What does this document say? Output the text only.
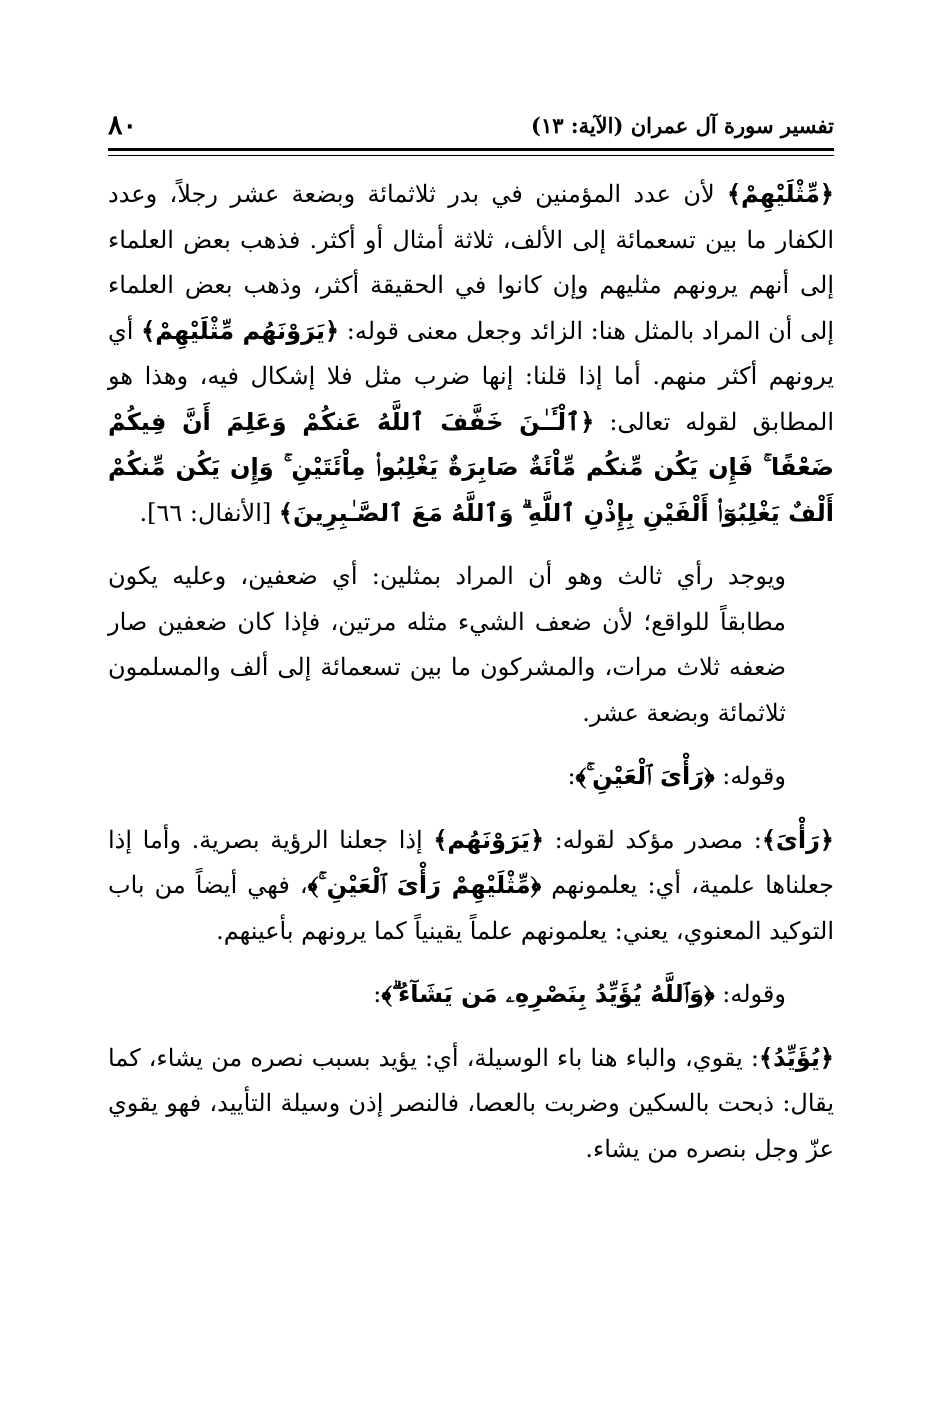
تفسير سورة آل عمران (الآية: ١٣)
٨٠

﴿مِّثْلَيْهِمْ﴾ لأن عدد المؤمنين في بدر ثلاثمائة وبضعة عشر رجلاً، وعدد الكفار ما بين تسعمائة إلى الألف، ثلاثة أمثال أو أكثر. فذهب بعض العلماء إلى أنهم يرونهم مثليهم وإن كانوا في الحقيقة أكثر، وذهب بعض العلماء إلى أن المراد بالمثل هنا: الزائد وجعل معنى قوله: ﴿يَرَوْنَهُم مِّثْلَيْهِمْ﴾ أي يرونهم أكثر منهم. أما إذا قلنا: إنها ضرب مثل فلا إشكال فيه، وهذا هو المطابق لقوله تعالى: ﴿ٱلْـَٔـٰنَ خَفَّفَ ٱللَّهُ عَنكُمْ وَعَلِمَ أَنَّ فِيكُمْ ضَعْفًا ۚ فَإِن يَكُن مِّنكُم مِّاْئَةٌ صَابِرَةٌ يَغْلِبُوا۟ مِاْئَتَيْنِ ۚ وَإِن يَكُن مِّنكُمْ أَلْفٌ يَغْلِبُوٓا۟ أَلْفَيْنِ بِإِذْنِ ٱللَّهِ ۗ وَٱللَّهُ مَعَ ٱلصَّـٰبِرِينَ﴾ [الأنفال: ٦٦].

ويوجد رأي ثالث وهو أن المراد بمثلين: أي ضعفين، وعليه يكون مطابقاً للواقع؛ لأن ضعف الشيء مثله مرتين، فإذا كان ضعفين صار ضعفه ثلاث مرات، والمشركون ما بين تسعمائة إلى ألف والمسلمون ثلاثمائة وبضعة عشر.

وقوله: ﴿رَأْىَ ٱلْعَيْنِ ۚ﴾:

﴿رَأْىَ﴾: مصدر مؤكد لقوله: ﴿يَرَوْنَهُم﴾ إذا جعلنا الرؤية بصرية. وأما إذا جعلناها علمية، أي: يعلمونهم ﴿مِّثْلَيْهِمْ رَأْىَ ٱلْعَيْنِ ۚ﴾، فهي أيضاً من باب التوكيد المعنوي، يعني: يعلمونهم علماً يقينياً كما يرونهم بأعينهم.

وقوله: ﴿وَٱللَّهُ يُؤَيِّدُ بِنَصْرِهِۦ مَن يَشَآءُ ۗ﴾:

﴿يُؤَيِّدُ﴾: يقوي، والباء هنا باء الوسيلة، أي: يؤيد بسبب نصره من يشاء، كما يقال: ذبحت بالسكين وضربت بالعصا، فالنصر إذن وسيلة التأييد، فهو يقوي عزّ وجل بنصره من يشاء.
